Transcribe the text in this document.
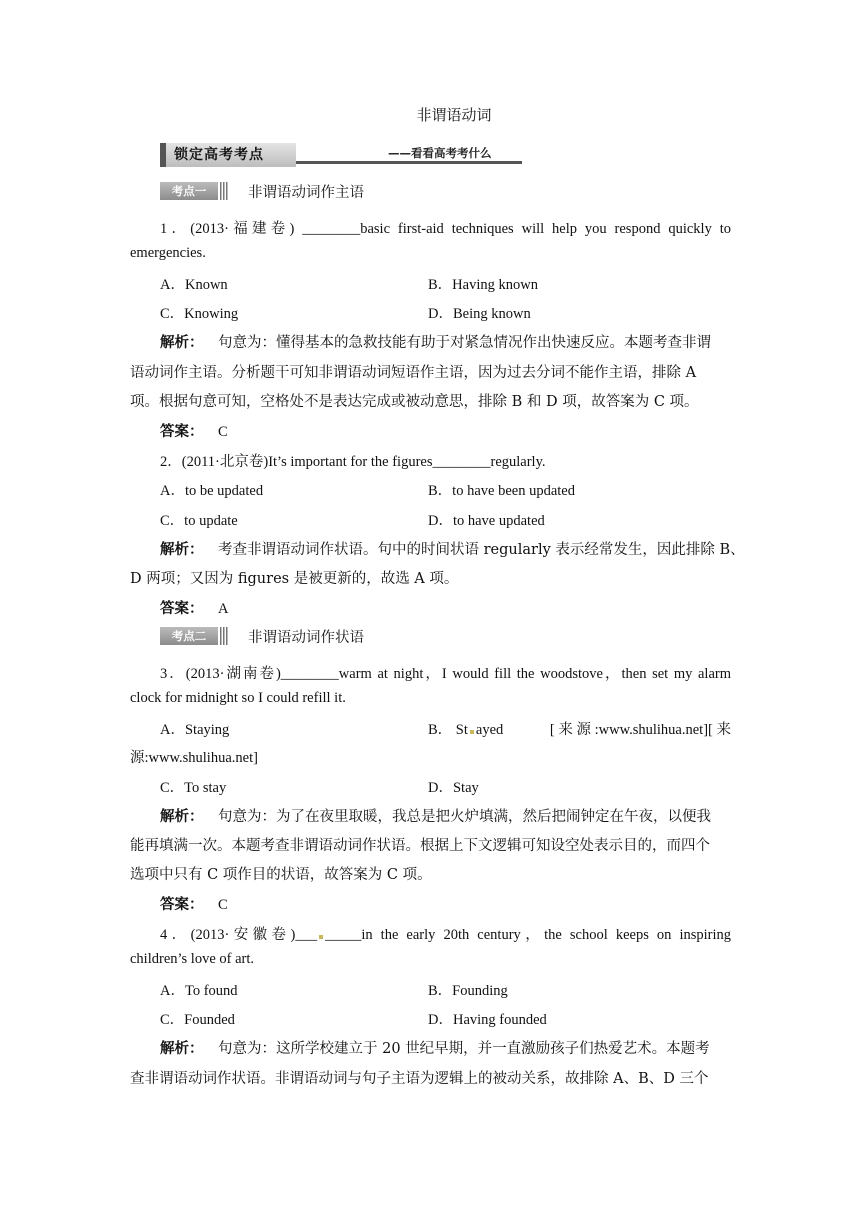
非谓语动词
锁定高考考点	——看看高考考什么
考点一	非谓语动词作主语
1．(2013·福建卷) ________basic first-aid techniques will help you respond quickly to
emergencies.
A．Known	B．Having known
C．Knowing	D．Being known
解析： 句意为：懂得基本的急救技能有助于对紧急情况作出快速反应。本题考查非谓
语动词作主语。分析题干可知非谓语动词短语作主语，因为过去分词不能作主语，排除 A
项。根据句意可知，空格处不是表达完成或被动意思，排除 B 和 D 项，故答案为 C 项。
答案： C
2．(2011·北京卷)It’s important for the figures________regularly.
A．to be updated	B．to have been updated
C．to update	D．to have updated
解析： 考查非谓语动词作状语。句中的时间状语 regularly 表示经常发生，因此排除 B、
D 两项；又因为 figures 是被更新的，故选 A 项。
答案： A
考点二	非谓语动词作状语
3．(2013·湖南卷)________warm at night，I would fill the woodstove，then set my alarm
clock for midnight so I could refill it.
A．Staying	B． St ayed	[ 来 源 :www.shulihua.net][ 来
源:www.shulihua.net]
C．To stay	D．Stay
解析： 句意为：为了在夜里取暖，我总是把火炉填满，然后把闹钟定在午夜，以便我
能再填满一次。本题考查非谓语动词作状语。根据上下文逻辑可知设空处表示目的，而四个
选项中只有 C 项作目的状语，故答案为 C 项。
答案： C
4．(2013·安徽卷)___ _____in the early 20th century，the school keeps on inspiring
children’s love of art.
A．To found	B．Founding
C．Founded	D．Having founded
解析： 句意为：这所学校建立于 20 世纪早期，并一直激励孩子们热爱艺术。本题考
查非谓语动词作状语。非谓语动词与句子主语为逻辑上的被动关系，故排除 A、B、D 三个
